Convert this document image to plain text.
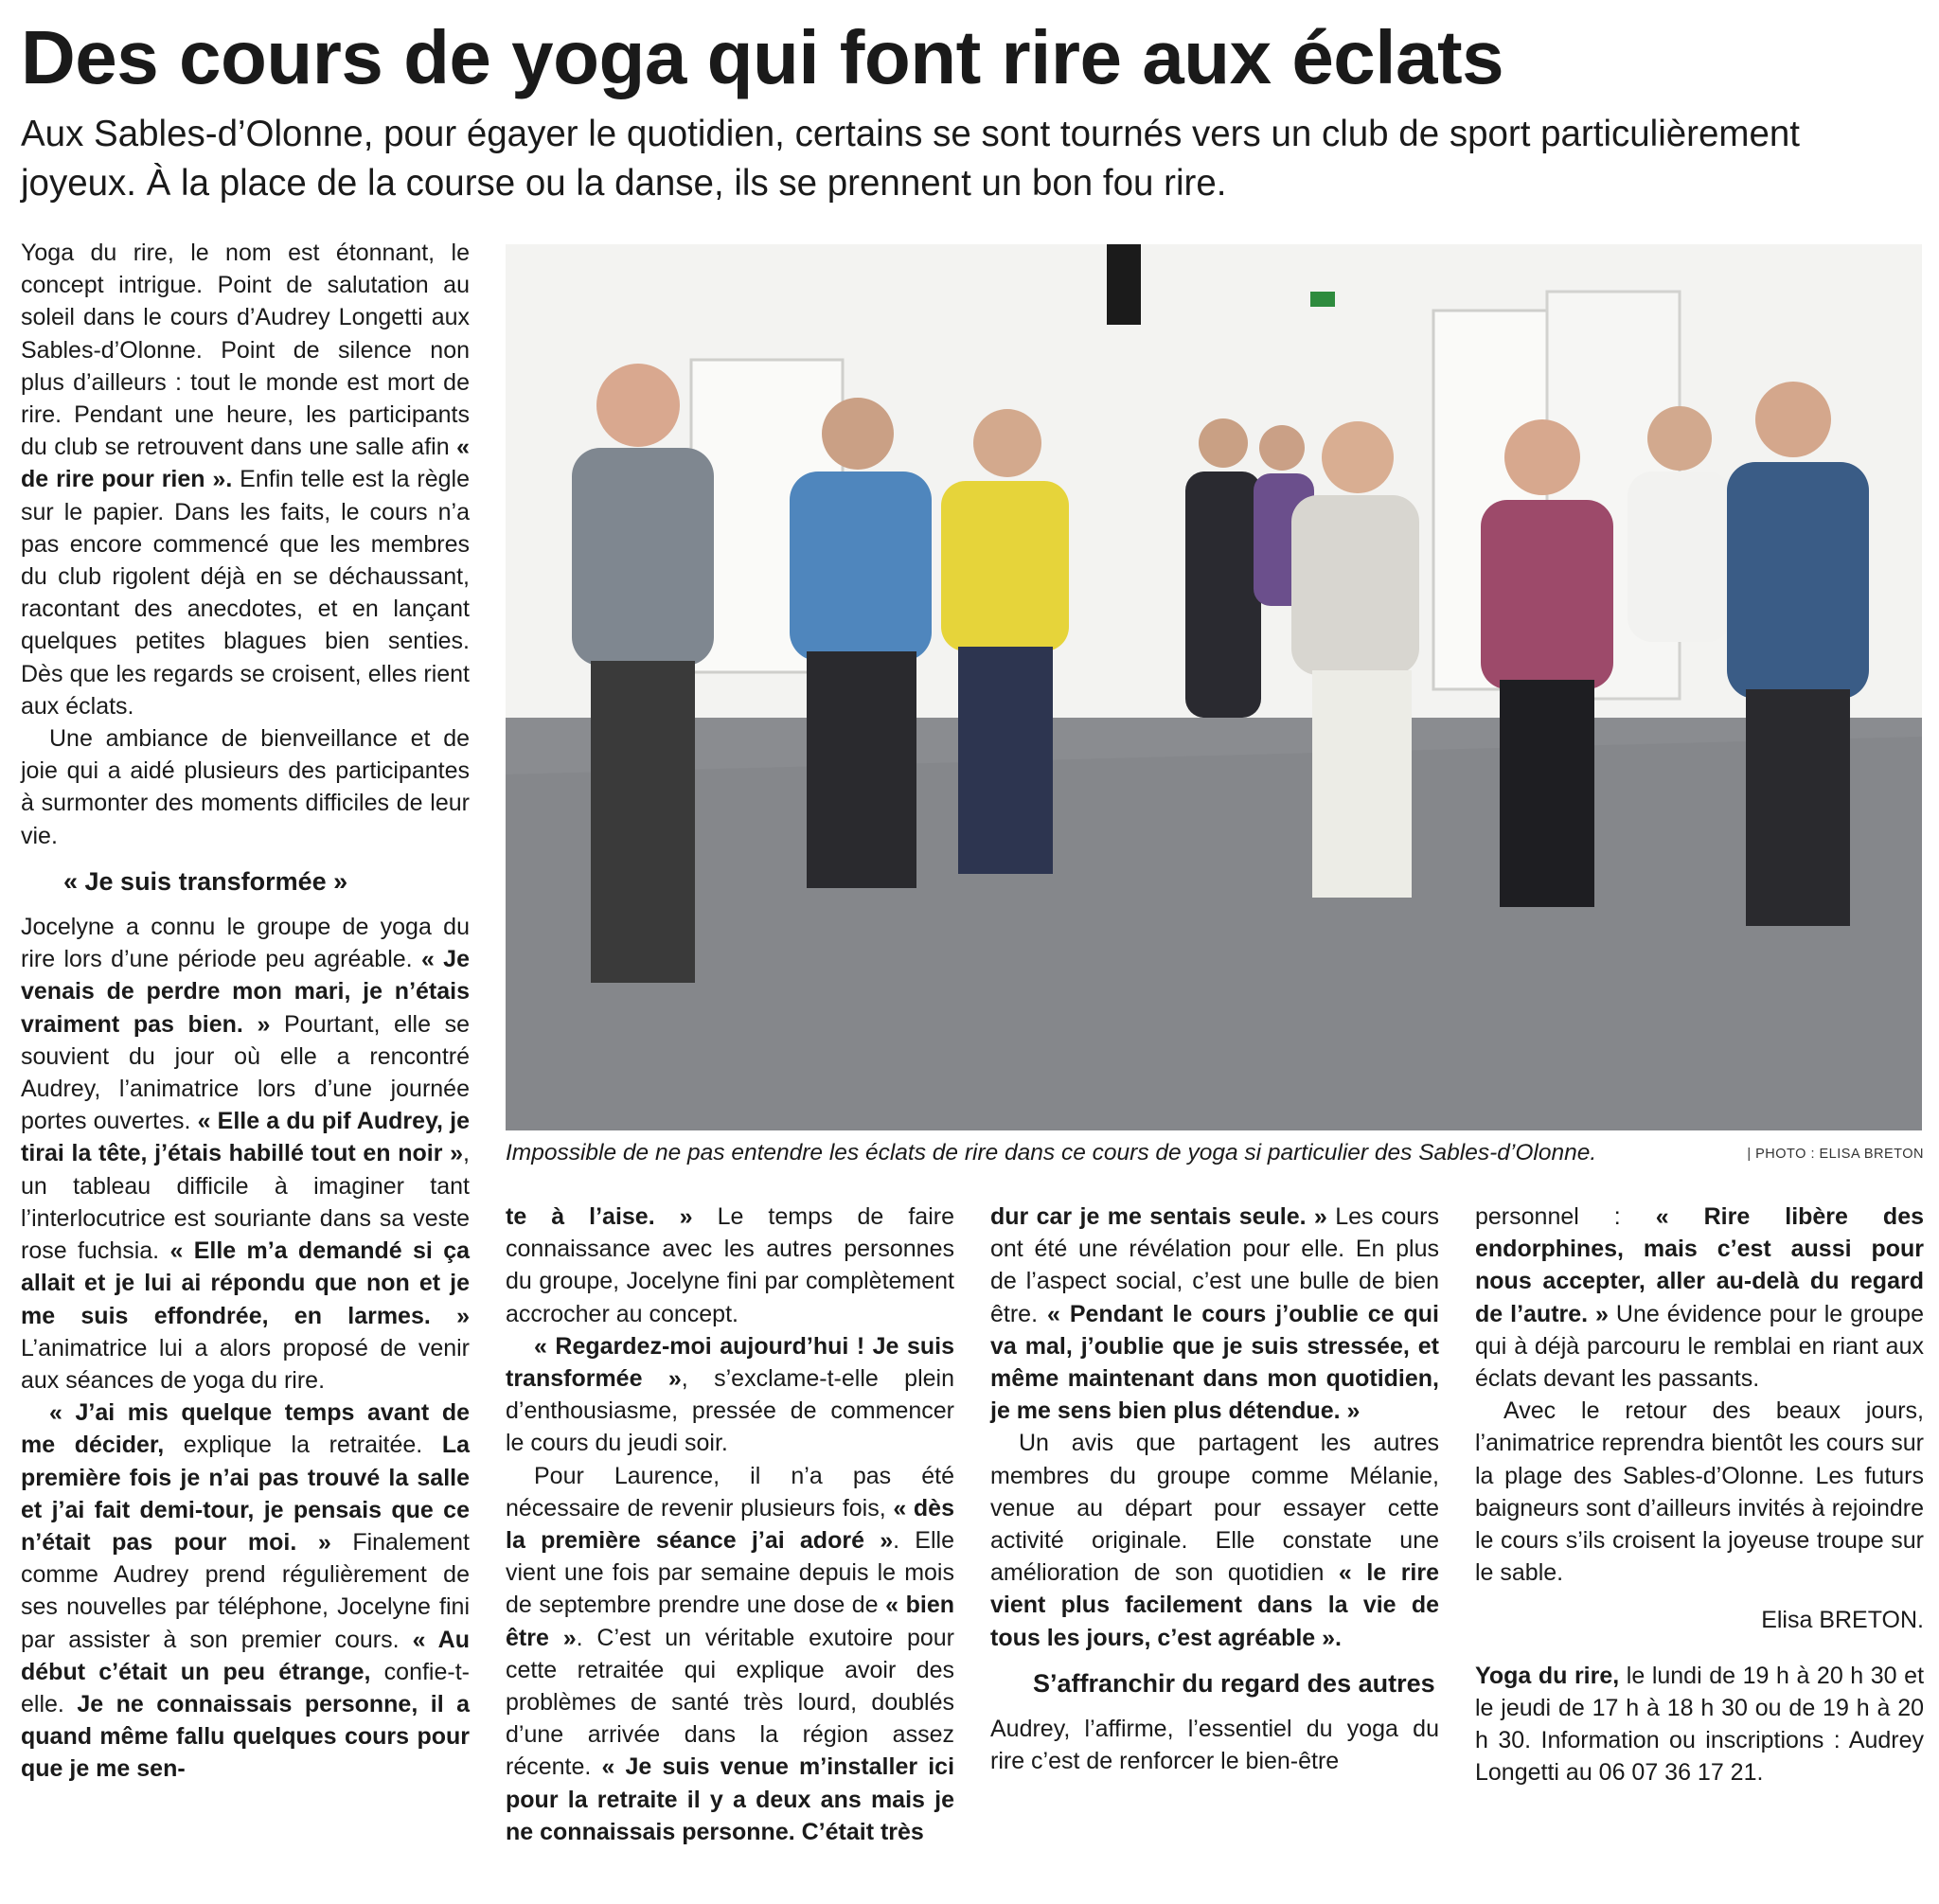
Des cours de yoga qui font rire aux éclats
Aux Sables-d’Olonne, pour égayer le quotidien, certains se sont tournés vers un club de sport particulièrement joyeux. À la place de la course ou la danse, ils se prennent un bon fou rire.

Yoga du rire, le nom est étonnant, le concept intrigue. Point de salutation au soleil dans le cours d’Audrey Longetti aux Sables-d’Olonne. Point de silence non plus d’ailleurs : tout le monde est mort de rire. Pendant une heure, les participants du club se retrouvent dans une salle afin « de rire pour rien ». Enfin telle est la règle sur le papier. Dans les faits, le cours n’a pas encore commencé que les membres du club rigolent déjà en se déchaussant, racontant des anecdotes, et en lançant quelques petites blagues bien senties. Dès que les regards se croisent, elles rient aux éclats.

Une ambiance de bienveillance et de joie qui a aidé plusieurs des participantes à surmonter des moments difficiles de leur vie.

« Je suis transformée »

Jocelyne a connu le groupe de yoga du rire lors d’une période peu agréable. « Je venais de perdre mon mari, je n’étais vraiment pas bien. » Pourtant, elle se souvient du jour où elle a rencontré Audrey, l’animatrice lors d’une journée portes ouvertes. « Elle a du pif Audrey, je tirai la tête, j’étais habillé tout en noir », un tableau difficile à imaginer tant l’interlocutrice est souriante dans sa veste rose fuchsia. « Elle m’a demandé si ça allait et je lui ai répondu que non et je me suis effondrée, en larmes. » L’animatrice lui a alors proposé de venir aux séances de yoga du rire.

« J’ai mis quelque temps avant de me décider, explique la retraitée. La première fois je n’ai pas trouvé la salle et j’ai fait demi-tour, je pensais que ce n’était pas pour moi. » Finalement comme Audrey prend régulièrement de ses nouvelles par téléphone, Jocelyne fini par assister à son premier cours. « Au début c’était un peu étrange, confie-t-elle. Je ne connaissais personne, il a quand même fallu quelques cours pour que je me sen-

Impossible de ne pas entendre les éclats de rire dans ce cours de yoga si particulier des Sables-d’Olonne.	| PHOTO : ELISA BRETON

te à l’aise. » Le temps de faire connaissance avec les autres personnes du groupe, Jocelyne fini par complètement accrocher au concept.

« Regardez-moi aujourd’hui ! Je suis transformée », s’exclame-t-elle plein d’enthousiasme, pressée de commencer le cours du jeudi soir.

Pour Laurence, il n’a pas été nécessaire de revenir plusieurs fois, « dès la première séance j’ai adoré ». Elle vient une fois par semaine depuis le mois de septembre prendre une dose de « bien être ». C’est un véritable exutoire pour cette retraitée qui explique avoir des problèmes de santé très lourd, doublés d’une arrivée dans la région assez récente. « Je suis venue m’installer ici pour la retraite il y a deux ans mais je ne connaissais personne. C’était très

dur car je me sentais seule. » Les cours ont été une révélation pour elle. En plus de l’aspect social, c’est une bulle de bien être. « Pendant le cours j’oublie ce qui va mal, j’oublie que je suis stressée, et même maintenant dans mon quotidien, je me sens bien plus détendue. »

Un avis que partagent les autres membres du groupe comme Mélanie, venue au départ pour essayer cette activité originale. Elle constate une amélioration de son quotidien « le rire vient plus facilement dans la vie de tous les jours, c’est agréable ».

S’affranchir du regard des autres

Audrey, l’affirme, l’essentiel du yoga du rire c’est de renforcer le bien-être

personnel : « Rire libère des endorphines, mais c’est aussi pour nous accepter, aller au-delà du regard de l’autre. » Une évidence pour le groupe qui à déjà parcouru le remblai en riant aux éclats devant les passants.

Avec le retour des beaux jours, l’animatrice reprendra bientôt les cours sur la plage des Sables-d’Olonne. Les futurs baigneurs sont d’ailleurs invités à rejoindre le cours s’ils croisent la joyeuse troupe sur le sable.

Elisa BRETON.

Yoga du rire, le lundi de 19 h à 20 h 30 et le jeudi de 17 h à 18 h 30 ou de 19 h à 20 h 30. Information ou inscriptions : Audrey Longetti au 06 07 36 17 21.
